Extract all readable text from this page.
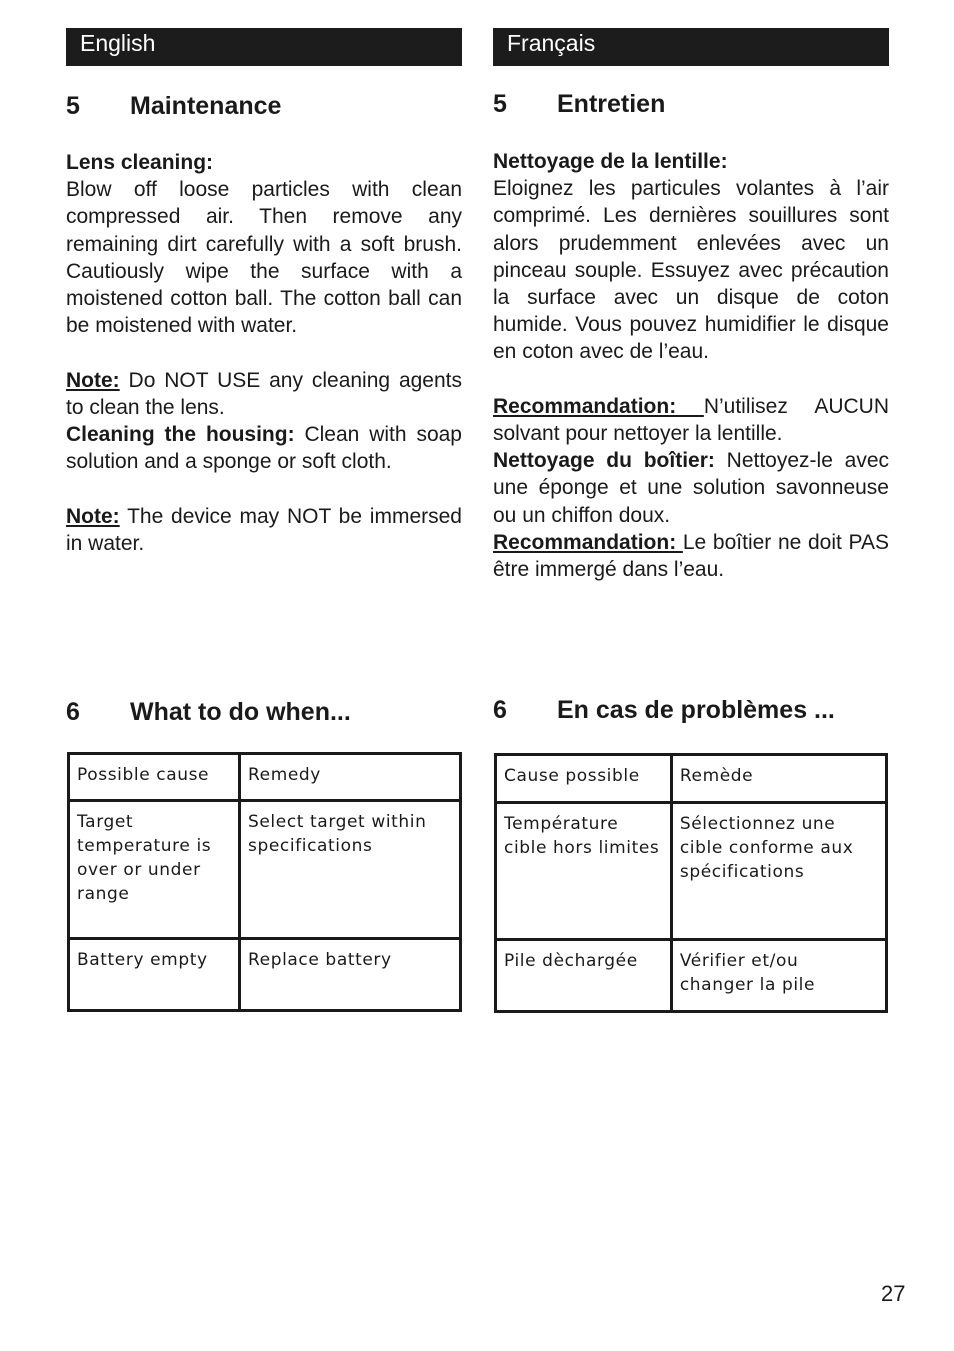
English
5 Maintenance

Lens cleaning:

Blow off loose particles with clean compressed air. Then remove any remaining dirt carefully with a soft brush. Cautiously wipe the surface with a moistened cotton ball. The cotton ball can be moistened with water.

Note: Do NOT USE any cleaning agents to clean the lens.

Cleaning the housing: Clean with soap solution and a sponge or soft cloth.

Note: The device may NOT be immersed in water.

6 What to do when...
Possible cause	Remedy
Target temperature is over or under range	Select target within specifications
Battery empty	Replace battery
Français
5 Entretien

Nettoyage de la lentille:

Eloignez les particules volantes à l’air comprimé. Les dernières souillures sont alors prudemment enlevées avec un pinceau souple. Essuyez avec précaution la surface avec un disque de coton humide. Vous pouvez humidifier le disque en coton avec de l’eau.

Recommandation: N’utilisez AUCUN solvant pour nettoyer la lentille.

Nettoyage du boîtier: Nettoyez-le avec une éponge et une solution savonneuse ou un chiffon doux.

Recommandation: Le boîtier ne doit PAS être immergé dans l’eau.

6 En cas de problèmes ...
Cause possible	Remède
Température cible hors limites	Sélectionnez une cible conforme aux spécifications
Pile dèchargée	Vérifier et/ou changer la pile
27
